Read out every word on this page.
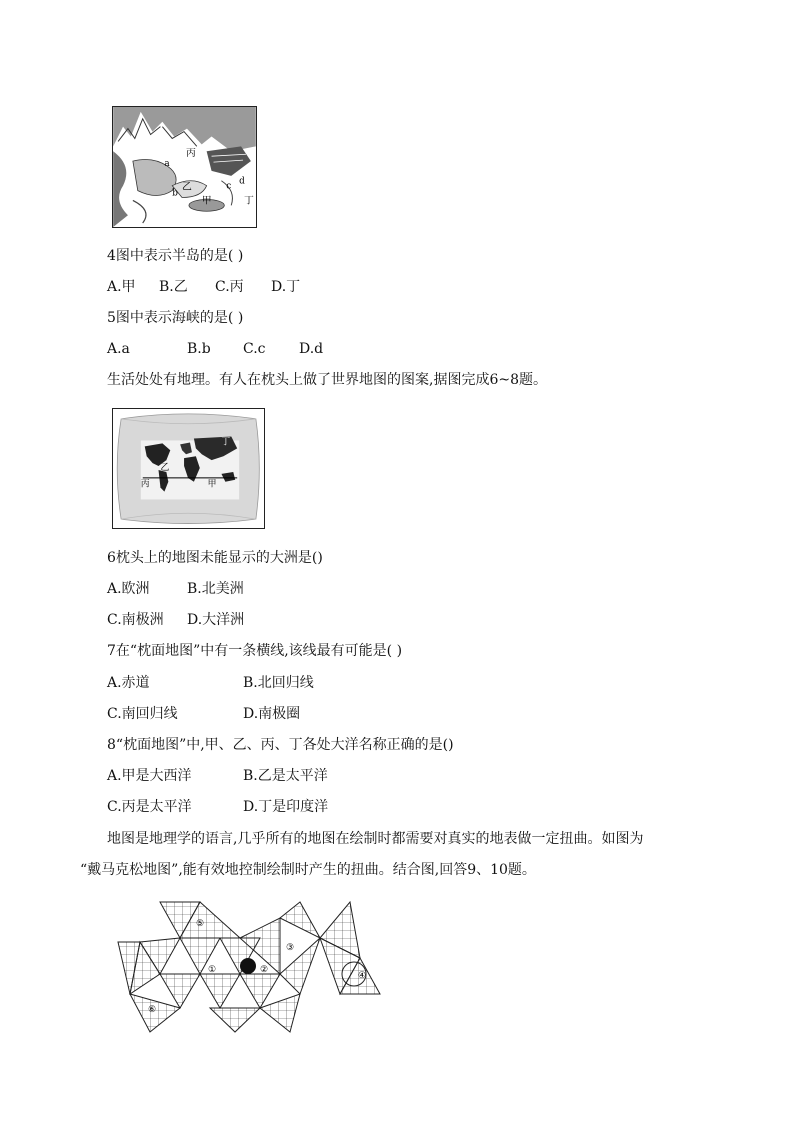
丙
乙
甲	丁
a
b
c d
4图中表示半岛的是( )
A.甲 B.乙 C.丙 D.丁
5图中表示海峡的是( )
A.a	B.b C.c D.d
生活处处有地理。有人在枕头上做了世界地图的图案,据图完成6~8题。
丁
乙
丙	甲
6枕头上的地图未能显示的大洲是()
A.欧洲	B.北美洲
C.南极洲 D.大洋洲
7在“枕面地图”中有一条横线,该线最有可能是( )
A.赤道	B.北回归线
C.南回归线	D.南极圈
8“枕面地图”中,甲、乙、丙、丁各处大洋名称正确的是()
A.甲是大西洋	B.乙是太平洋
C.丙是太平洋	D.丁是印度洋
地图是地理学的语言,几乎所有的地图在绘制时都需要对真实的地表做一定扭曲。如图为
“戴马克松地图”,能有效地控制绘制时产生的扭曲。结合图,回答9、10题。
⑤
①	②
③
④
⑥
